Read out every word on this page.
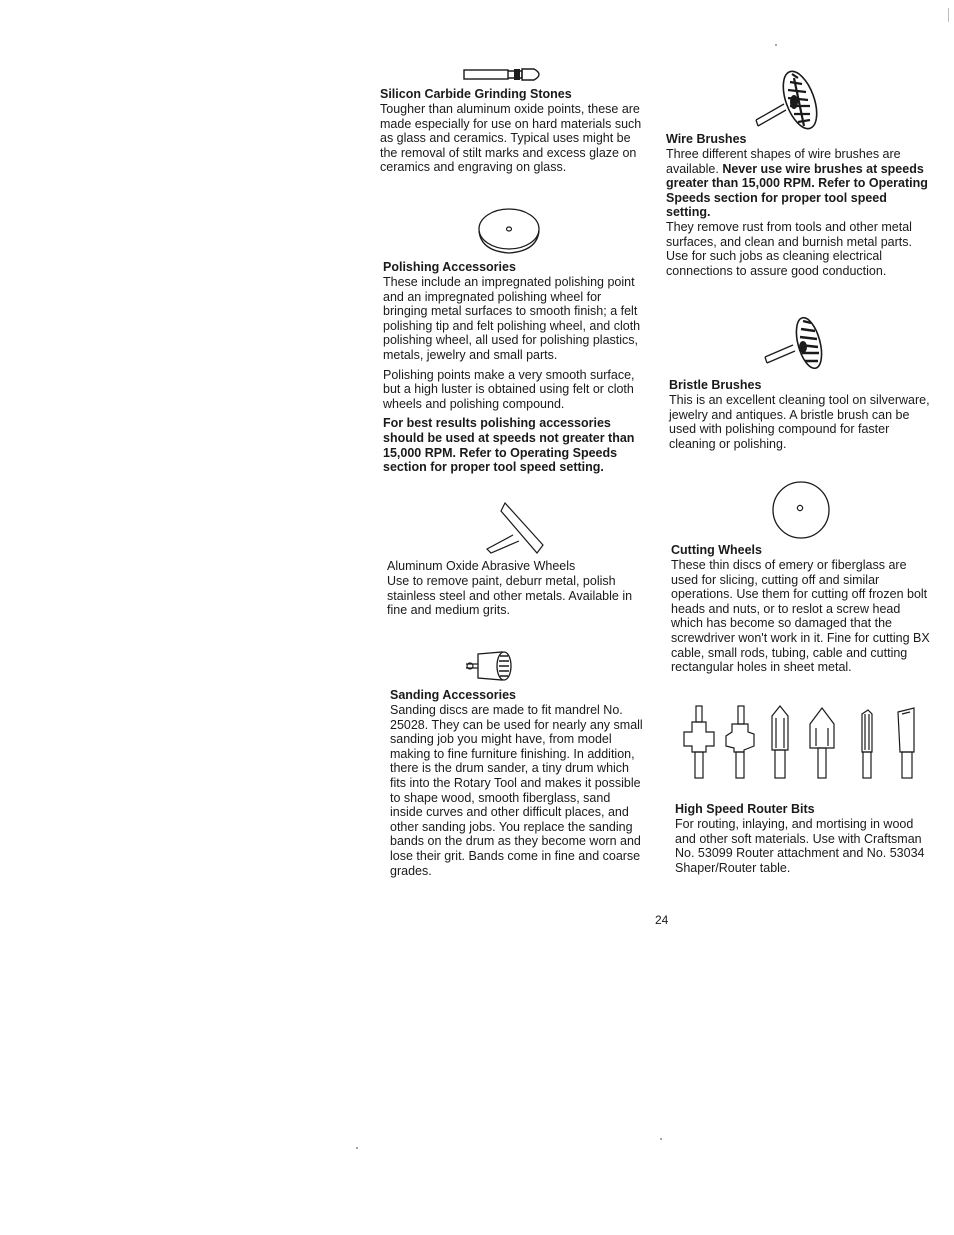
Silicon Carbide Grinding Stones

Tougher than aluminum oxide points, these are made especially for use on hard materials such as glass and ceramics. Typical uses might be the removal of stilt marks and excess glaze on ceramics and engraving on glass.

Polishing Accessories

These include an impregnated polishing point and an impregnated polishing wheel for bringing metal surfaces to smooth finish; a felt polishing tip and felt polishing wheel, and cloth polishing wheel, all used for polishing plastics, metals, jewelry and small parts.

Polishing points make a very smooth surface, but a high luster is obtained using felt or cloth wheels and polishing compound.

For best results polishing accessories should be used at speeds not greater than 15,000 RPM. Refer to Operating Speeds section for proper tool speed setting.

Aluminum Oxide Abrasive Wheels

Use to remove paint, deburr metal, polish stainless steel and other metals. Available in fine and medium grits.

Sanding Accessories

Sanding discs are made to fit mandrel No. 25028. They can be used for nearly any small sanding job you might have, from model making to fine furniture finishing. In addition, there is the drum sander, a tiny drum which fits into the Rotary Tool and makes it possible to shape wood, smooth fiberglass, sand inside curves and other difficult places, and other sanding jobs. You replace the sanding bands on the drum as they become worn and lose their grit. Bands come in fine and coarse grades.

Wire Brushes

Three different shapes of wire brushes are available. Never use wire brushes at speeds greater than 15,000 RPM. Refer to Operating Speeds section for proper tool speed setting.

They remove rust from tools and other metal surfaces, and clean and burnish metal parts. Use for such jobs as cleaning electrical connections to assure good conduction.

Bristle Brushes

This is an excellent cleaning tool on silverware, jewelry and antiques. A bristle brush can be used with polishing compound for faster cleaning or polishing.

Cutting Wheels

These thin discs of emery or fiberglass are used for slicing, cutting off and similar operations. Use them for cutting off frozen bolt heads and nuts, or to reslot a screw head which has become so damaged that the screwdriver won't work in it. Fine for cutting BX cable, small rods, tubing, cable and cutting rectangular holes in sheet metal.

High Speed Router Bits

For routing, inlaying, and mortising in wood and other soft materials. Use with Craftsman No. 53099 Router attachment and No. 53034 Shaper/Router table.

24
